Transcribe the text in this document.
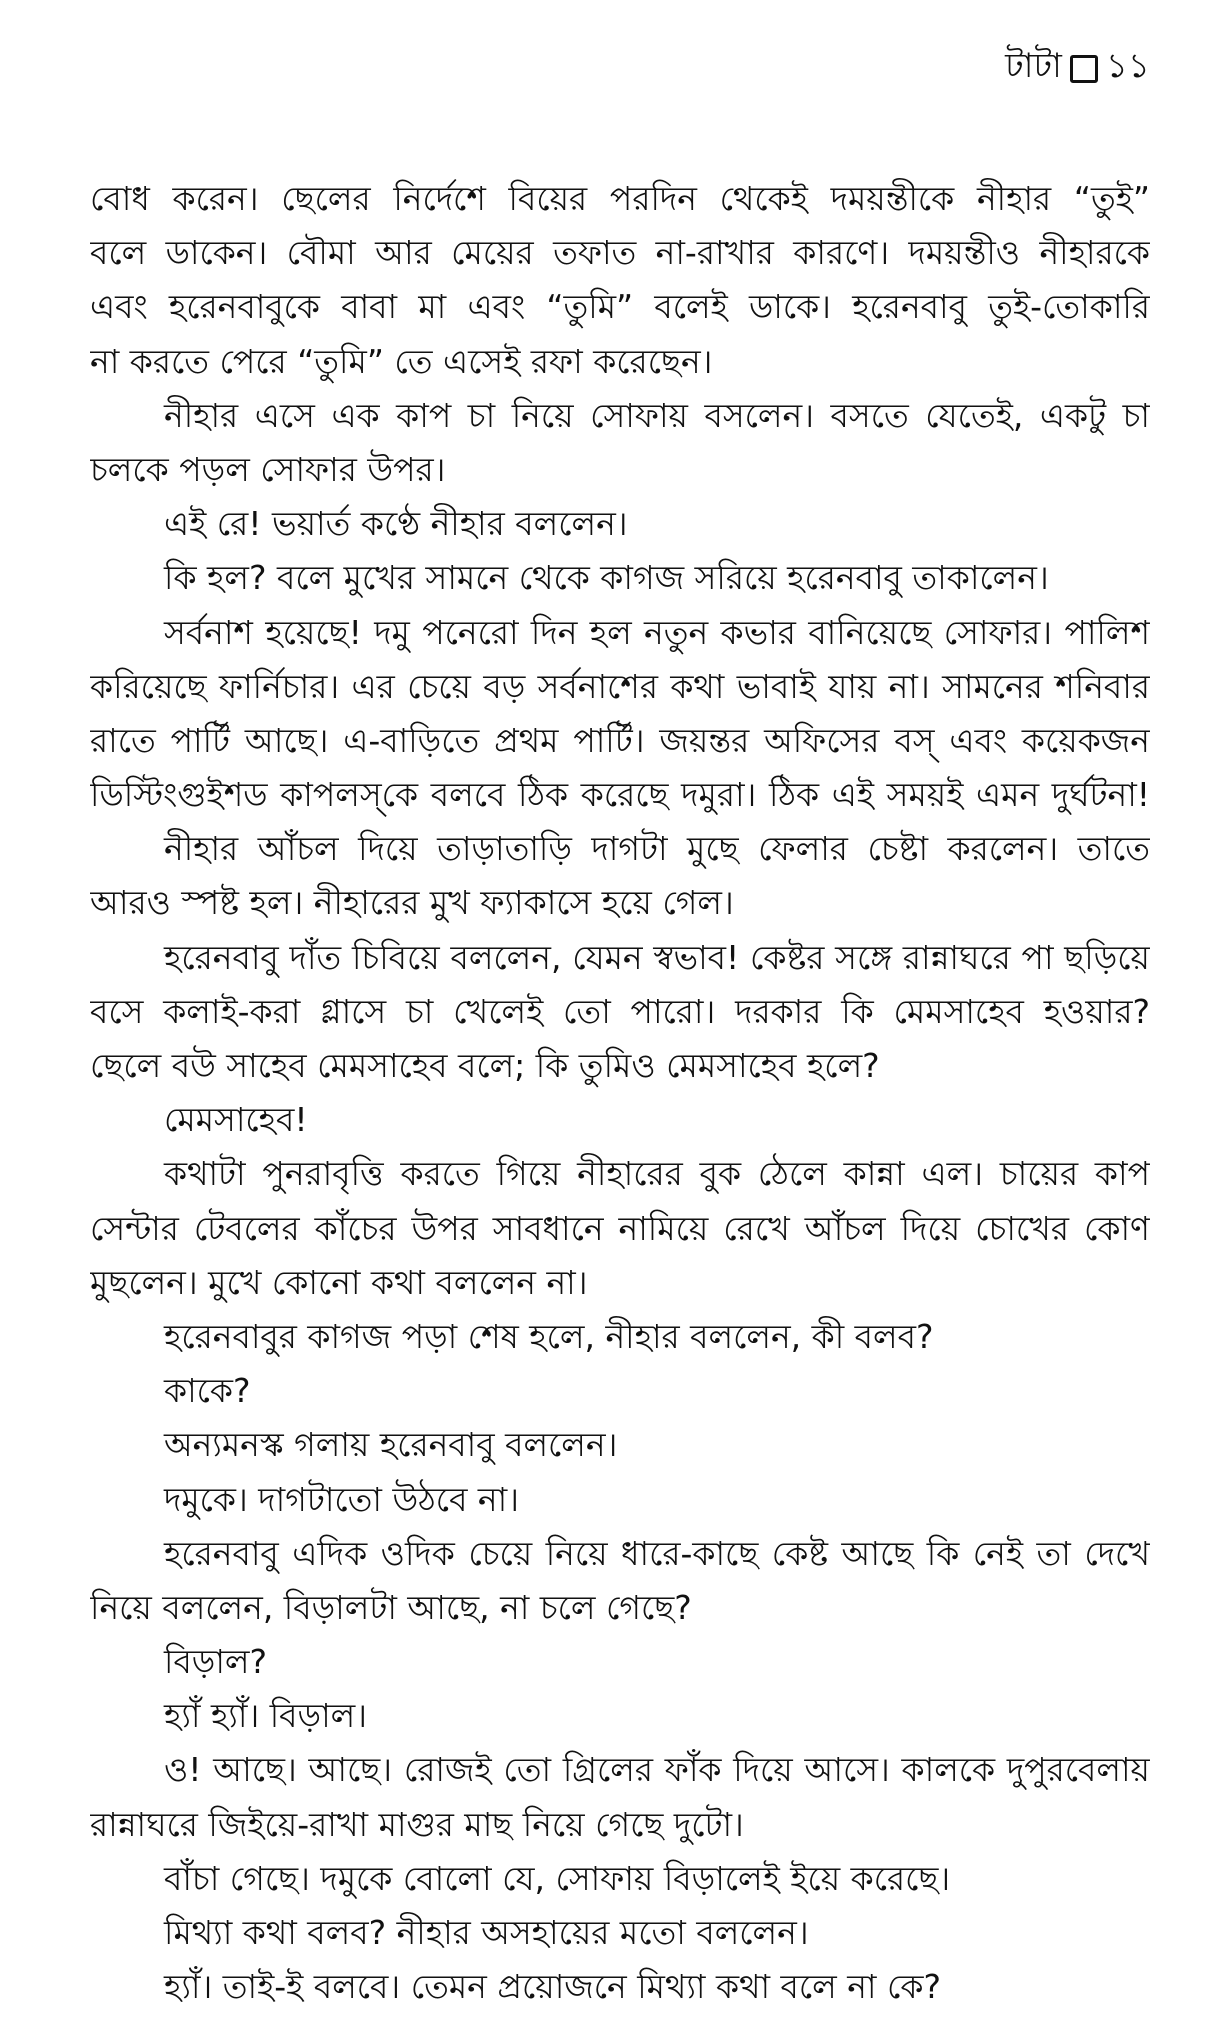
টাটা ১১
বোধ করেন। ছেলের নির্দেশে বিয়ের পরদিন থেকেই দময়ন্তীকে নীহার “তুই”
বলে ডাকেন। বৌমা আর মেয়ের তফাত না-রাখার কারণে। দময়ন্তীও নীহারকে
এবং হরেনবাবুকে বাবা মা এবং “তুমি” বলেই ডাকে। হরেনবাবু তুই-তোকারি
না করতে পেরে “তুমি” তে এসেই রফা করেছেন।
নীহার এসে এক কাপ চা নিয়ে সোফায় বসলেন। বসতে যেতেই, একটু চা
চলকে পড়ল সোফার উপর।
এই রে! ভয়ার্ত কণ্ঠে নীহার বললেন।
কি হল? বলে মুখের সামনে থেকে কাগজ সরিয়ে হরেনবাবু তাকালেন।
সর্বনাশ হয়েছে! দমু পনেরো দিন হল নতুন কভার বানিয়েছে সোফার। পালিশ
করিয়েছে ফার্নিচার। এর চেয়ে বড় সর্বনাশের কথা ভাবাই যায় না। সামনের শনিবার
রাতে পার্টি আছে। এ-বাড়িতে প্রথম পার্টি। জয়ন্তর অফিসের বস্ এবং কয়েকজন
ডিস্টিংগুইশড কাপলস্‌কে বলবে ঠিক করেছে দমুরা। ঠিক এই সময়ই এমন দুর্ঘটনা!
নীহার আঁচল দিয়ে তাড়াতাড়ি দাগটা মুছে ফেলার চেষ্টা করলেন। তাতে
আরও স্পষ্ট হল। নীহারের মুখ ফ্যাকাসে হয়ে গেল।
হরেনবাবু দাঁত চিবিয়ে বললেন, যেমন স্বভাব! কেষ্টর সঙ্গে রান্নাঘরে পা ছড়িয়ে
বসে কলাই-করা গ্লাসে চা খেলেই তো পারো। দরকার কি মেমসাহেব হওয়ার?
ছেলে বউ সাহেব মেমসাহেব বলে; কি তুমিও মেমসাহেব হলে?
মেমসাহেব!
কথাটা পুনরাবৃত্তি করতে গিয়ে নীহারের বুক ঠেলে কান্না এল। চায়ের কাপ
সেন্টার টেবলের কাঁচের উপর সাবধানে নামিয়ে রেখে আঁচল দিয়ে চোখের কোণ
মুছলেন। মুখে কোনো কথা বললেন না।
হরেনবাবুর কাগজ পড়া শেষ হলে, নীহার বললেন, কী বলব?
কাকে?
অন্যমনস্ক গলায় হরেনবাবু বললেন।
দমুকে। দাগটাতো উঠবে না।
হরেনবাবু এদিক ওদিক চেয়ে নিয়ে ধারে-কাছে কেষ্ট আছে কি নেই তা দেখে
নিয়ে বললেন, বিড়ালটা আছে, না চলে গেছে?
বিড়াল?
হ্যাঁ হ্যাঁ। বিড়াল।
ও! আছে। আছে। রোজই তো গ্রিলের ফাঁক দিয়ে আসে। কালকে দুপুরবেলায়
রান্নাঘরে জিইয়ে-রাখা মাগুর মাছ নিয়ে গেছে দুটো।
বাঁচা গেছে। দমুকে বোলো যে, সোফায় বিড়ালেই ইয়ে করেছে।
মিথ্যা কথা বলব? নীহার অসহায়ের মতো বললেন।
হ্যাঁ। তাই-ই বলবে। তেমন প্রয়োজনে মিথ্যা কথা বলে না কে?
